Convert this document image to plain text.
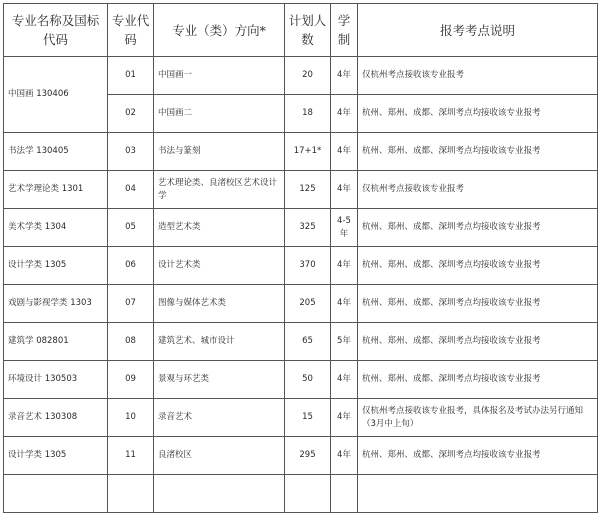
专业名称及国标代码	专业代码	专业（类）方向*	计划人数	学制	报考考点说明
中国画 130406	01	中国画一	20	4年	仅杭州考点接收该专业报考
	02	中国画二	18	4年	杭州、郑州、成都、深圳考点均接收该专业报考
书法学 130405	03	书法与篆刻	17+1*	4年	杭州、郑州、成都、深圳考点均接收该专业报考
艺术学理论类 1301	04	艺术理论类、良渚校区艺术设计学	125	4年	仅杭州考点接收该专业报考
美术学类 1304	05	造型艺术类	325	4-5年	杭州、郑州、成都、深圳考点均接收该专业报考
设计学类 1305	06	设计艺术类	370	4年	杭州、郑州、成都、深圳考点均接收该专业报考
戏剧与影视学类 1303	07	图像与媒体艺术类	205	4年	杭州、郑州、成都、深圳考点均接收该专业报考
建筑学 082801	08	建筑艺术、城市设计	65	5年	杭州、郑州、成都、深圳考点均接收该专业报考
环境设计 130503	09	景观与环艺类	50	4年	杭州、郑州、成都、深圳考点均接收该专业报考
录音艺术 130308	10	录音艺术	15	4年	仅杭州考点接收该专业报考，具体报名及考试办法另行通知（3月中上旬）
设计学类 1305	11	良渚校区	295	4年	杭州、郑州、成都、深圳考点均接收该专业报考
